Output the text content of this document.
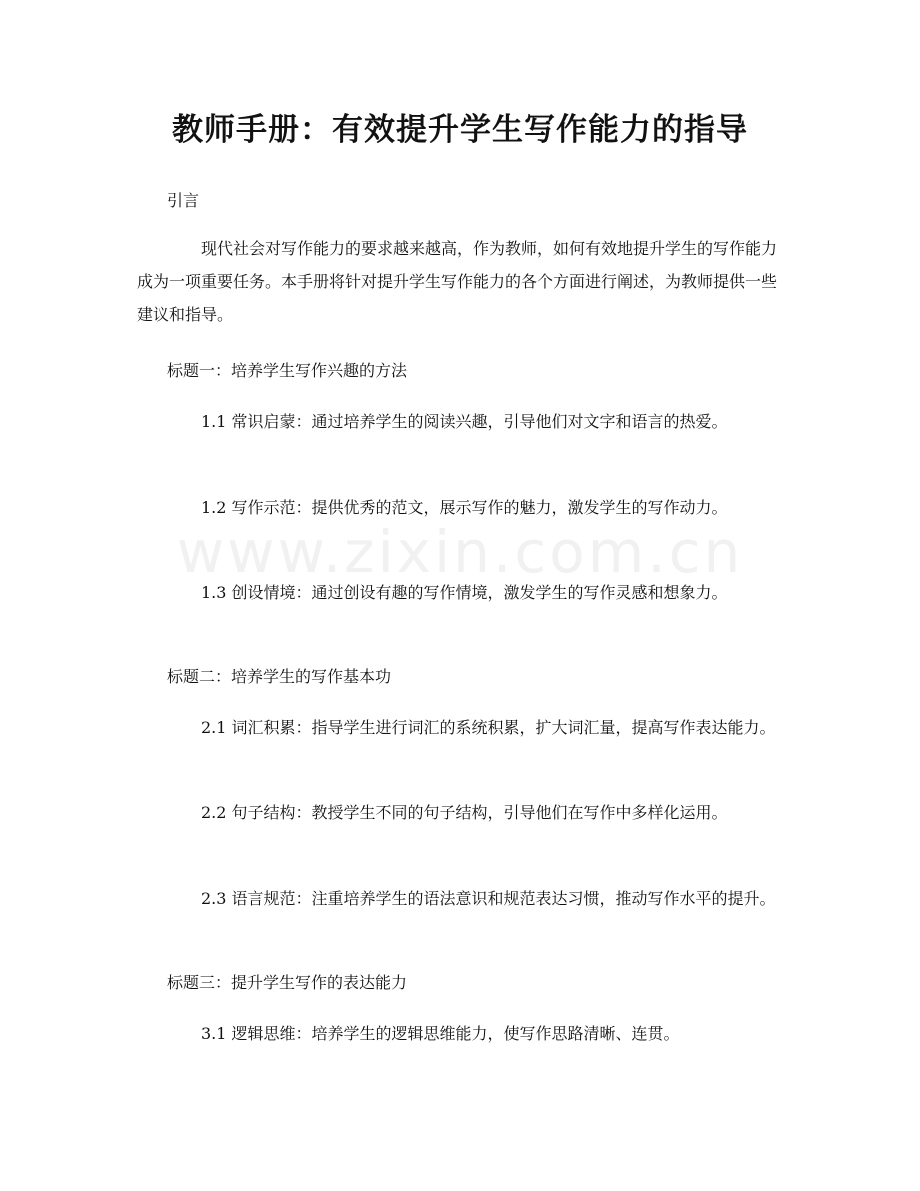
www.zixin.com.cn
教师手册：有效提升学生写作能力的指导
引言
现代社会对写作能力的要求越来越高，作为教师，如何有效地提升学生的写作能力成为一项重要任务。本手册将针对提升学生写作能力的各个方面进行阐述，为教师提供一些建议和指导。
标题一：培养学生写作兴趣的方法
1.1 常识启蒙：通过培养学生的阅读兴趣，引导他们对文字和语言的热爱。
1.2 写作示范：提供优秀的范文，展示写作的魅力，激发学生的写作动力。
1.3 创设情境：通过创设有趣的写作情境，激发学生的写作灵感和想象力。
标题二：培养学生的写作基本功
2.1 词汇积累：指导学生进行词汇的系统积累，扩大词汇量，提高写作表达能力。
2.2 句子结构：教授学生不同的句子结构，引导他们在写作中多样化运用。
2.3 语言规范：注重培养学生的语法意识和规范表达习惯，推动写作水平的提升。
标题三：提升学生写作的表达能力
3.1 逻辑思维：培养学生的逻辑思维能力，使写作思路清晰、连贯。
